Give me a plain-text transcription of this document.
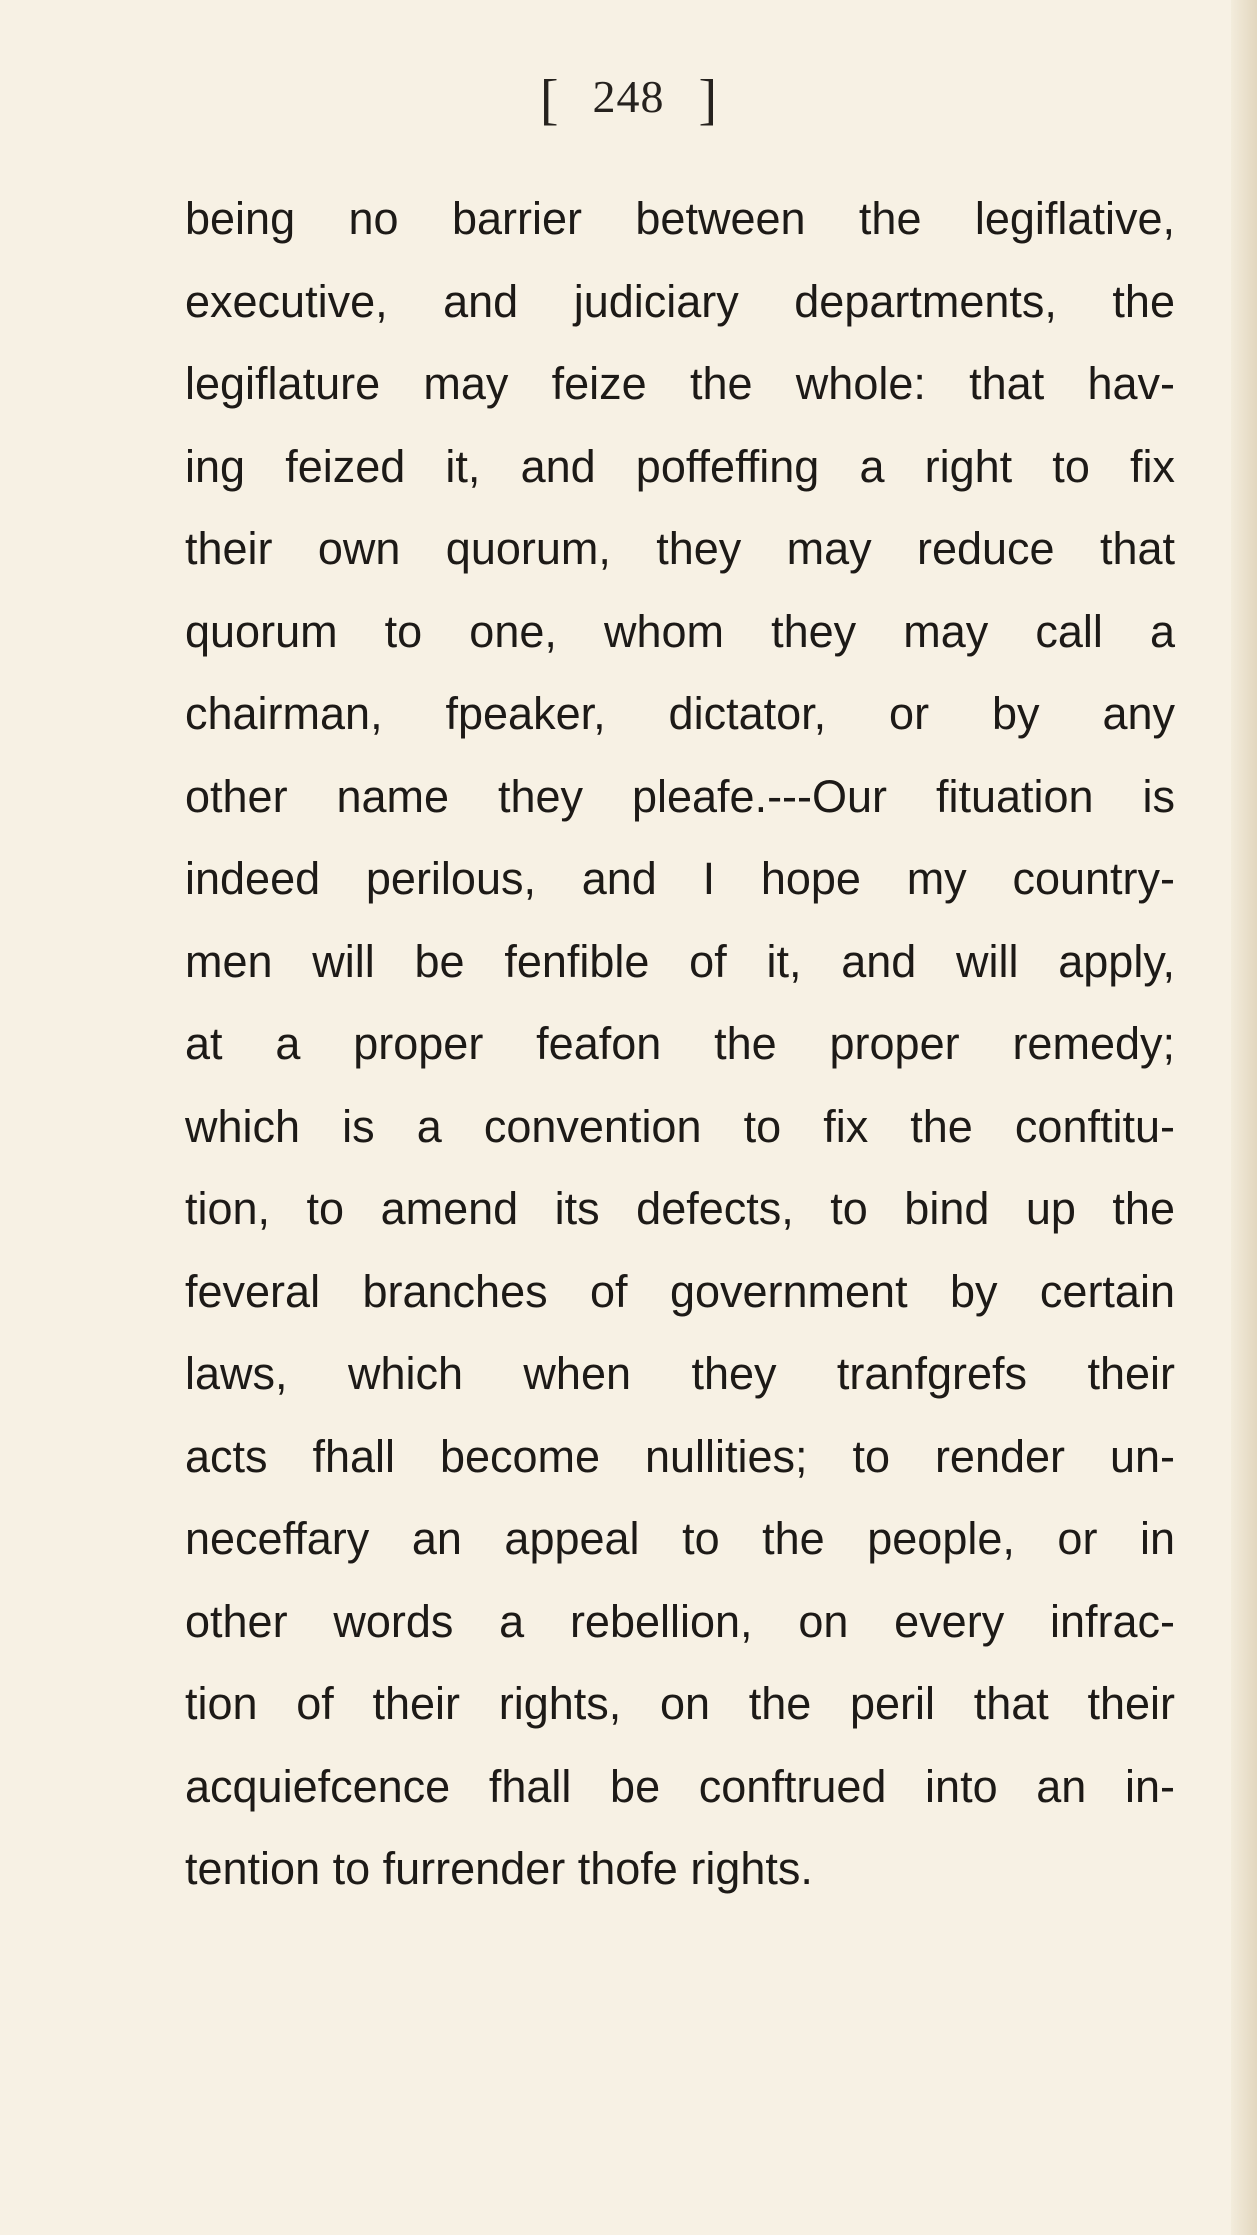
[ 248 ]
being no barrier between the legiflative,
executive, and judiciary departments, the
legiflature may feize the whole: that hav-
ing feized it, and poffeffing a right to fix
their own quorum, they may reduce that
quorum to one, whom they may call a
chairman, fpeaker, dictator, or by any
other name they pleafe.---Our fituation is
indeed perilous, and I hope my country-
men will be fenfible of it, and will apply,
at a proper feafon the proper remedy;
which is a convention to fix the conftitu-
tion, to amend its defects, to bind up the
feveral branches of government by certain
laws, which when they tranfgrefs their
acts fhall become nullities; to render un-
neceffary an appeal to the people, or in
other words a rebellion, on every infrac-
tion of their rights, on the peril that their
acquiefcence fhall be conftrued into an in-
tention to furrender thofe rights.
